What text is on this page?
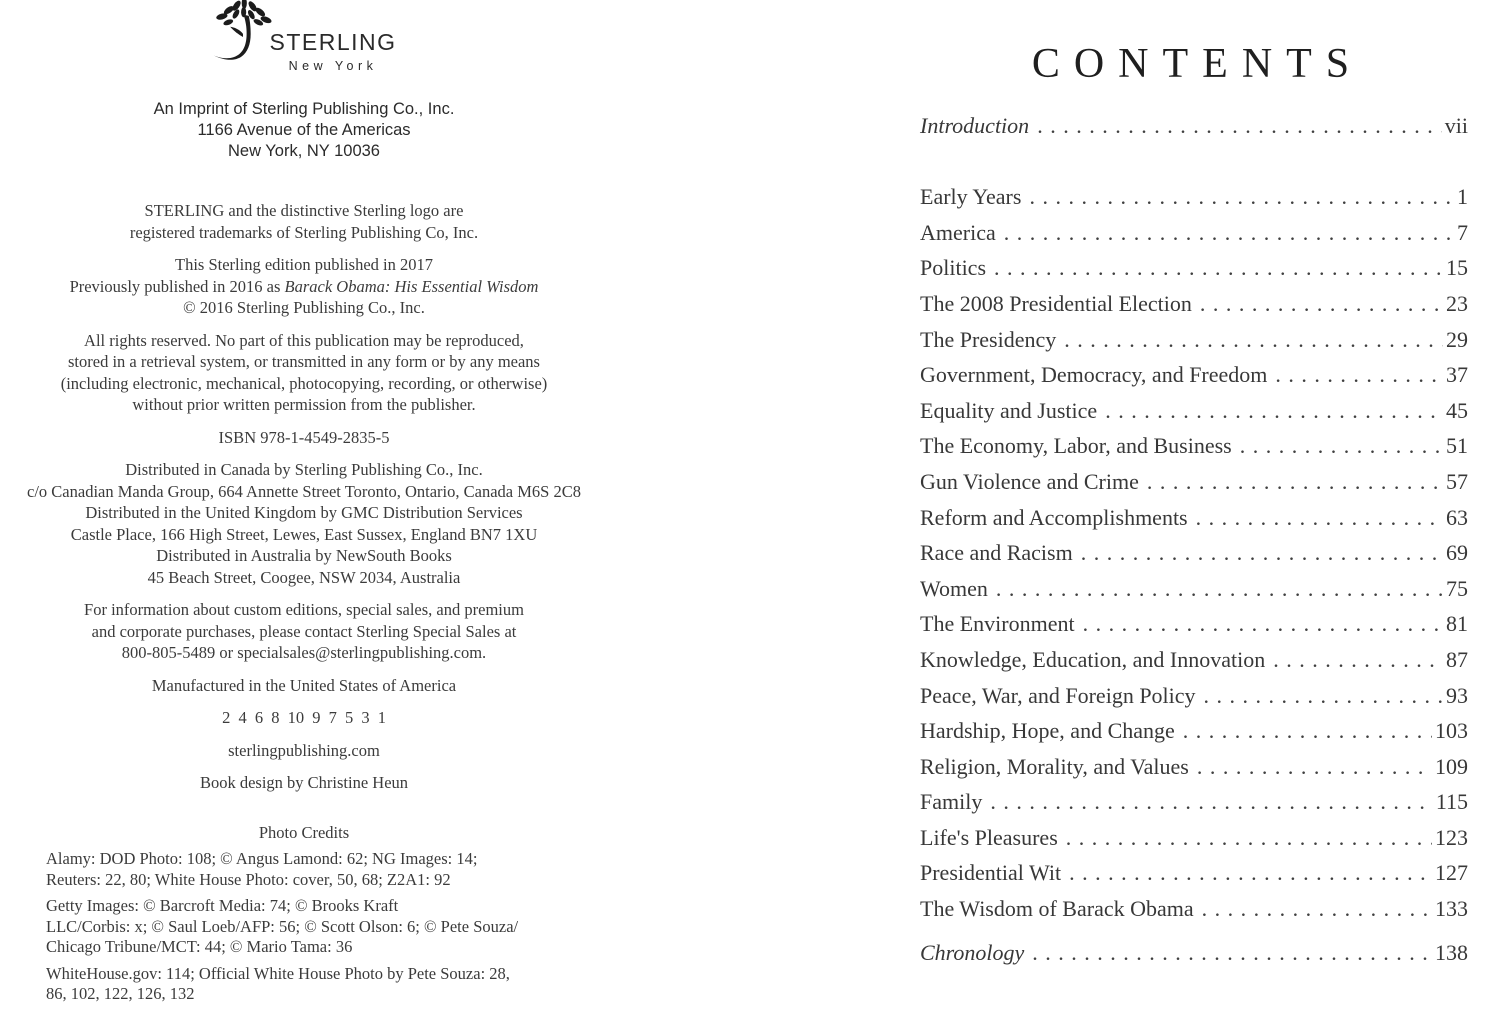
STERLING
New York
An Imprint of Sterling Publishing Co., Inc.
1166 Avenue of the Americas
New York, NY 10036
STERLING and the distinctive Sterling logo are
registered trademarks of Sterling Publishing Co, Inc.
This Sterling edition published in 2017
Previously published in 2016 as Barack Obama: His Essential Wisdom
© 2016 Sterling Publishing Co., Inc.
All rights reserved. No part of this publication may be reproduced,
stored in a retrieval system, or transmitted in any form or by any means
(including electronic, mechanical, photocopying, recording, or otherwise)
without prior written permission from the publisher.
ISBN 978-1-4549-2835-5
Distributed in Canada by Sterling Publishing Co., Inc.
c/o Canadian Manda Group, 664 Annette Street Toronto, Ontario, Canada M6S 2C8
Distributed in the United Kingdom by GMC Distribution Services
Castle Place, 166 High Street, Lewes, East Sussex, England BN7 1XU
Distributed in Australia by NewSouth Books
45 Beach Street, Coogee, NSW 2034, Australia
For information about custom editions, special sales, and premium
and corporate purchases, please contact Sterling Special Sales at
800-805-5489 or specialsales@sterlingpublishing.com.
Manufactured in the United States of America
2 4 6 8 10 9 7 5 3 1
sterlingpublishing.com
Book design by Christine Heun
Photo Credits
Alamy: DOD Photo: 108; © Angus Lamond: 62; NG Images: 14;
Reuters: 22, 80; White House Photo: cover, 50, 68; Z2A1: 92
Getty Images: © Barcroft Media: 74; © Brooks Kraft
LLC/Corbis: x; © Saul Loeb/AFP: 56; © Scott Olson: 6; © Pete Souza/
Chicago Tribune/MCT: 44; © Mario Tama: 36
WhiteHouse.gov: 114; Official White House Photo by Pete Souza: 28,
86, 102, 122, 126, 132
CONTENTS
Introduction . . .	vii
Early Years . . .	1
America . . .	7
Politics . . .	15
The 2008 Presidential Election . . .	23
The Presidency . . .	29
Government, Democracy, and Freedom . . .	37
Equality and Justice . . .	45
The Economy, Labor, and Business . . .	51
Gun Violence and Crime . . .	57
Reform and Accomplishments . . .	63
Race and Racism . . .	69
Women . . .	75
The Environment . . .	81
Knowledge, Education, and Innovation . . .	87
Peace, War, and Foreign Policy . . .	93
Hardship, Hope, and Change . . .	103
Religion, Morality, and Values . . .	109
Family . . .	115
Life's Pleasures . . .	123
Presidential Wit . . .	127
The Wisdom of Barack Obama . . .	133
Chronology . . .	138
